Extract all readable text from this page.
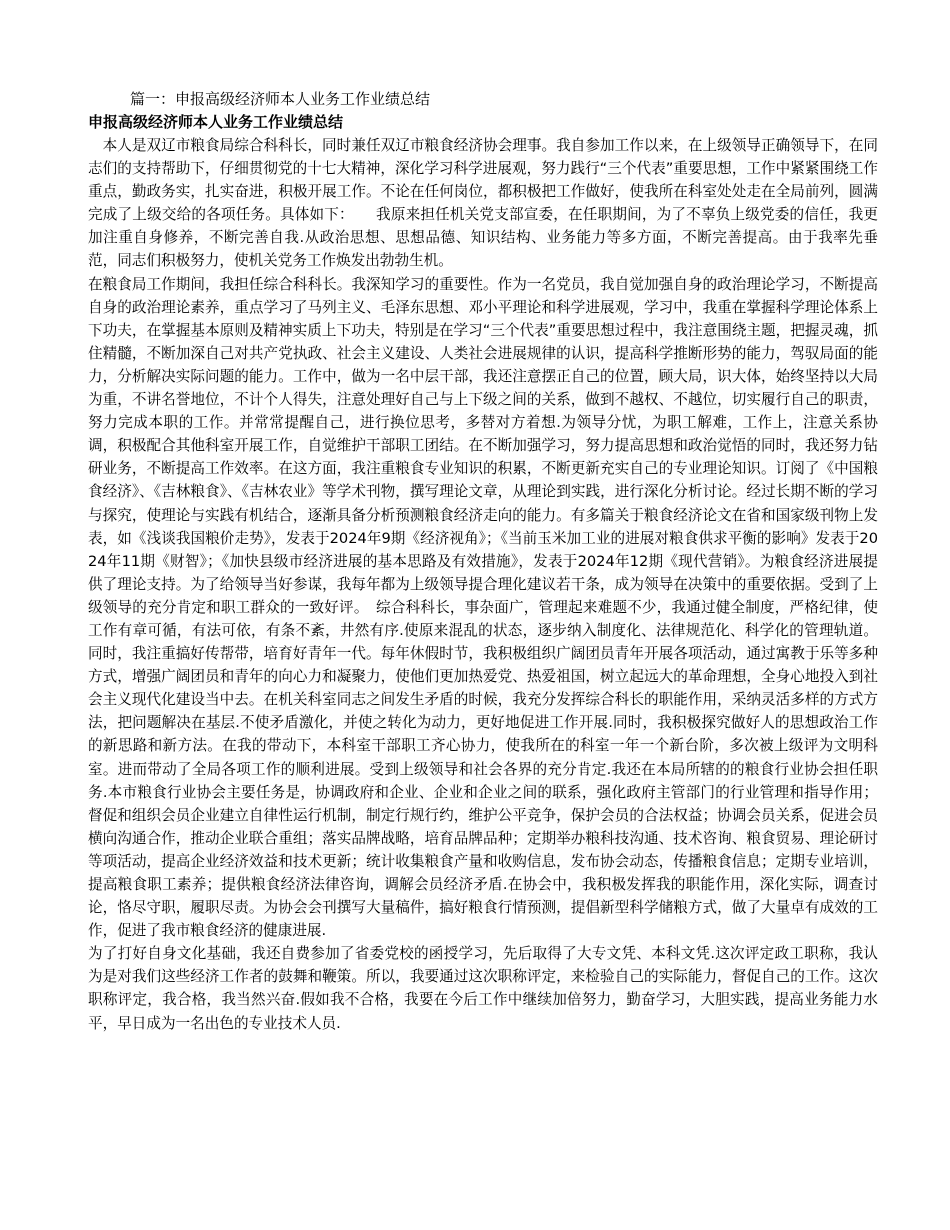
篇一：申报高级经济师本人业务工作业绩总结
申报高级经济师本人业务工作业绩总结

本人是双辽市粮食局综合科科长，同时兼任双辽市粮食经济协会理事。我自参加工作以来，在上级领导正确领导下，在同志们的支持帮助下，仔细贯彻党的十七大精神，深化学习科学进展观，努力践行“三个代表”重要思想，工作中紧紧围绕工作重点，勤政务实，扎实奋进，积极开展工作。不论在任何岗位，都积极把工作做好，使我所在科室处处走在全局前列，圆满完成了上级交给的各项任务。具体如下：　　我原来担任机关党支部宣委，在任职期间，为了不辜负上级党委的信任，我更加注重自身修养，不断完善自我.从政治思想、思想品德、知识结构、业务能力等多方面，不断完善提高。由于我率先垂范，同志们积极努力，使机关党务工作焕发出勃勃生机。

在粮食局工作期间，我担任综合科科长。我深知学习的重要性。作为一名党员，我自觉加强自身的政治理论学习，不断提高自身的政治理论素养，重点学习了马列主义、毛泽东思想、邓小平理论和科学进展观，学习中，我重在掌握科学理论体系上下功夫，在掌握基本原则及精神实质上下功夫，特别是在学习“三个代表”重要思想过程中，我注意围绕主题，把握灵魂，抓住精髓，不断加深自己对共产党执政、社会主义建设、人类社会进展规律的认识，提高科学推断形势的能力，驾驭局面的能力，分析解决实际问题的能力。工作中，做为一名中层干部，我还注意摆正自己的位置，顾大局，识大体，始终坚持以大局为重，不讲名誉地位，不计个人得失，注意处理好自己与上下级之间的关系，做到不越权、不越位，切实履行自己的职责，努力完成本职的工作。并常常提醒自己，进行换位思考，多替对方着想.为领导分忧，为职工解难，工作上，注意关系协调，积极配合其他科室开展工作，自觉维护干部职工团结。在不断加强学习，努力提高思想和政治觉悟的同时，我还努力钻研业务，不断提高工作效率。在这方面，我注重粮食专业知识的积累，不断更新充实自己的专业理论知识。订阅了《中国粮食经济》、《吉林粮食》、《吉林农业》等学术刊物，撰写理论文章，从理论到实践，进行深化分析讨论。经过长期不断的学习与探究，使理论与实践有机结合，逐渐具备分析预测粮食经济走向的能力。有多篇关于粮食经济论文在省和国家级刊物上发表，如《浅谈我国粮价走势》，发表于2024年9期《经济视角》；《当前玉米加工业的进展对粮食供求平衡的影响》发表于2024年11期《财智》；《加快县级市经济进展的基本思路及有效措施》，发表于2024年12期《现代营销》。为粮食经济进展提供了理论支持。为了给领导当好参谋，我每年都为上级领导提合理化建议若干条，成为领导在决策中的重要依据。受到了上级领导的充分肯定和职工群众的一致好评。　综合科科长，事杂面广，管理起来难题不少，我通过健全制度，严格纪律，使工作有章可循，有法可依，有条不紊，井然有序.使原来混乱的状态，逐步纳入制度化、法律规范化、科学化的管理轨道。同时，我注重搞好传帮带，培育好青年一代。每年休假时节，我积极组织广阔团员青年开展各项活动，通过寓教于乐等多种方式，增强广阔团员和青年的向心力和凝聚力，使他们更加热爱党、热爱祖国，树立起远大的革命理想，全身心地投入到社会主义现代化建设当中去。在机关科室同志之间发生矛盾的时候，我充分发挥综合科长的职能作用，采纳灵活多样的方式方法，把问题解决在基层.不使矛盾激化，并使之转化为动力，更好地促进工作开展.同时，我积极探究做好人的思想政治工作的新思路和新方法。在我的带动下，本科室干部职工齐心协力，使我所在的科室一年一个新台阶，多次被上级评为文明科室。进而带动了全局各项工作的顺利进展。受到上级领导和社会各界的充分肯定.我还在本局所辖的的粮食行业协会担任职务.本市粮食行业协会主要任务是，协调政府和企业、企业和企业之间的联系，强化政府主管部门的行业管理和指导作用；督促和组织会员企业建立自律性运行机制，制定行规行约，维护公平竞争，保护会员的合法权益；协调会员关系，促进会员横向沟通合作，推动企业联合重组；落实品牌战略，培育品牌品种；定期举办粮科技沟通、技术咨询、粮食贸易、理论研讨等项活动，提高企业经济效益和技术更新；统计收集粮食产量和收购信息，发布协会动态，传播粮食信息；定期专业培训，提高粮食职工素养；提供粮食经济法律咨询，调解会员经济矛盾.在协会中，我积极发挥我的职能作用，深化实际，调查讨论，恪尽守职，履职尽责。为协会会刊撰写大量稿件，搞好粮食行情预测，提倡新型科学储粮方式，做了大量卓有成效的工作，促进了我市粮食经济的健康进展.

为了打好自身文化基础，我还自费参加了省委党校的函授学习，先后取得了大专文凭、本科文凭.这次评定政工职称，我认为是对我们这些经济工作者的鼓舞和鞭策。所以，我要通过这次职称评定，来检验自己的实际能力，督促自己的工作。这次职称评定，我合格，我当然兴奋.假如我不合格，我要在今后工作中继续加倍努力，勤奋学习，大胆实践，提高业务能力水平，早日成为一名出色的专业技术人员.
